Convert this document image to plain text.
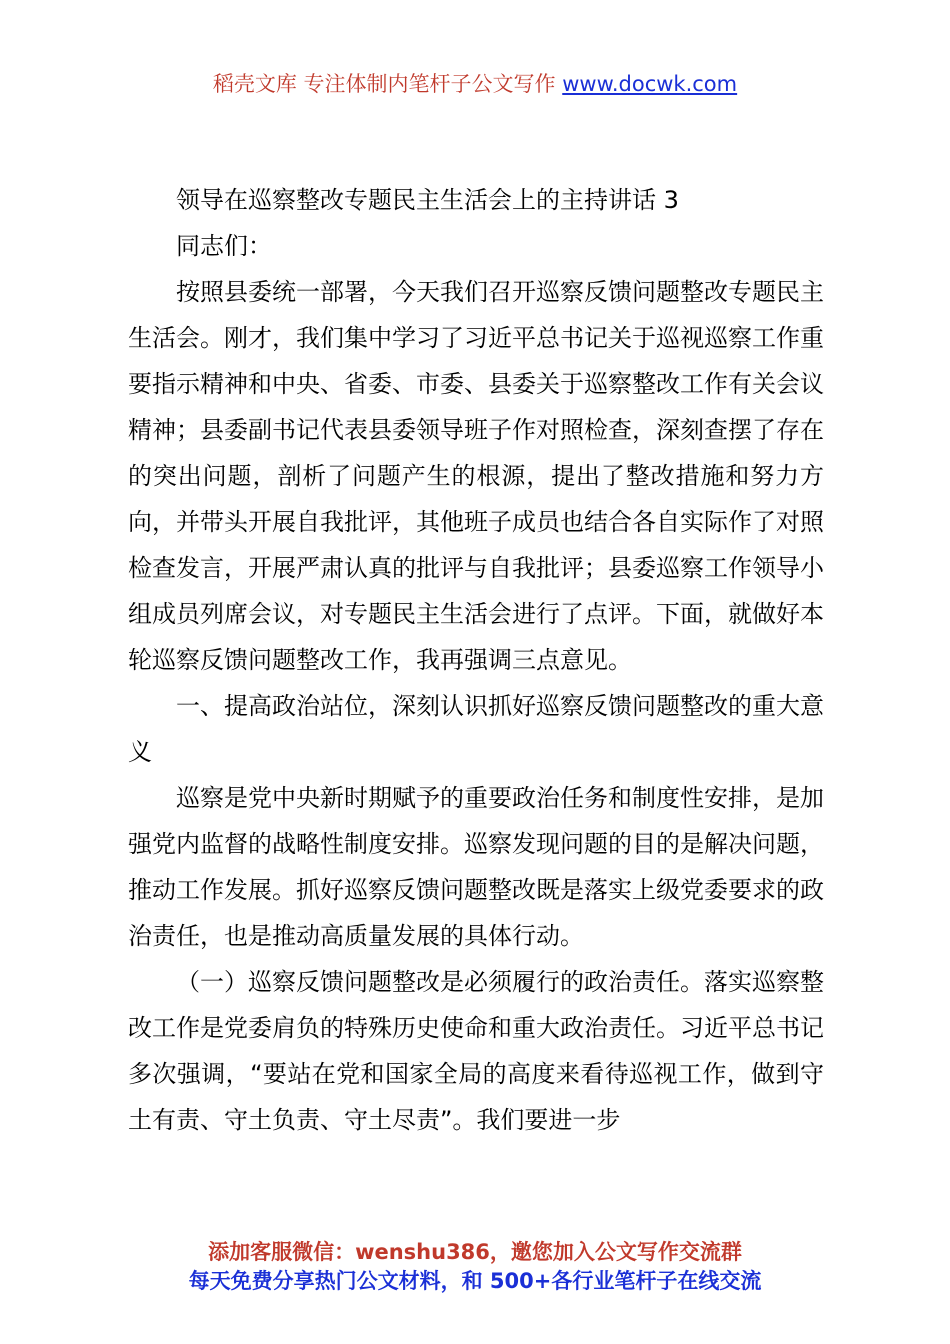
稻壳文库 专注体制内笔杆子公文写作 www.docwk.com

领导在巡察整改专题民主生活会上的主持讲话 3

同志们：

按照县委统一部署，今天我们召开巡察反馈问题整改专题民主生活会。刚才，我们集中学习了习近平总书记关于巡视巡察工作重要指示精神和中央、省委、市委、县委关于巡察整改工作有关会议精神；县委副书记代表县委领导班子作对照检查，深刻查摆了存在的突出问题，剖析了问题产生的根源，提出了整改措施和努力方向，并带头开展自我批评，其他班子成员也结合各自实际作了对照检查发言，开展严肃认真的批评与自我批评；县委巡察工作领导小组成员列席会议，对专题民主生活会进行了点评。下面，就做好本轮巡察反馈问题整改工作，我再强调三点意见。

一、提高政治站位，深刻认识抓好巡察反馈问题整改的重大意义

巡察是党中央新时期赋予的重要政治任务和制度性安排，是加强党内监督的战略性制度安排。巡察发现问题的目的是解决问题，推动工作发展。抓好巡察反馈问题整改既是落实上级党委要求的政治责任，也是推动高质量发展的具体行动。

（一）巡察反馈问题整改是必须履行的政治责任。落实巡察整改工作是党委肩负的特殊历史使命和重大政治责任。习近平总书记多次强调，“要站在党和国家全局的高度来看待巡视工作，做到守土有责、守土负责、守土尽责”。我们要进一步

添加客服微信：wenshu386，邀您加入公文写作交流群
每天免费分享热门公文材料，和 500+各行业笔杆子在线交流
